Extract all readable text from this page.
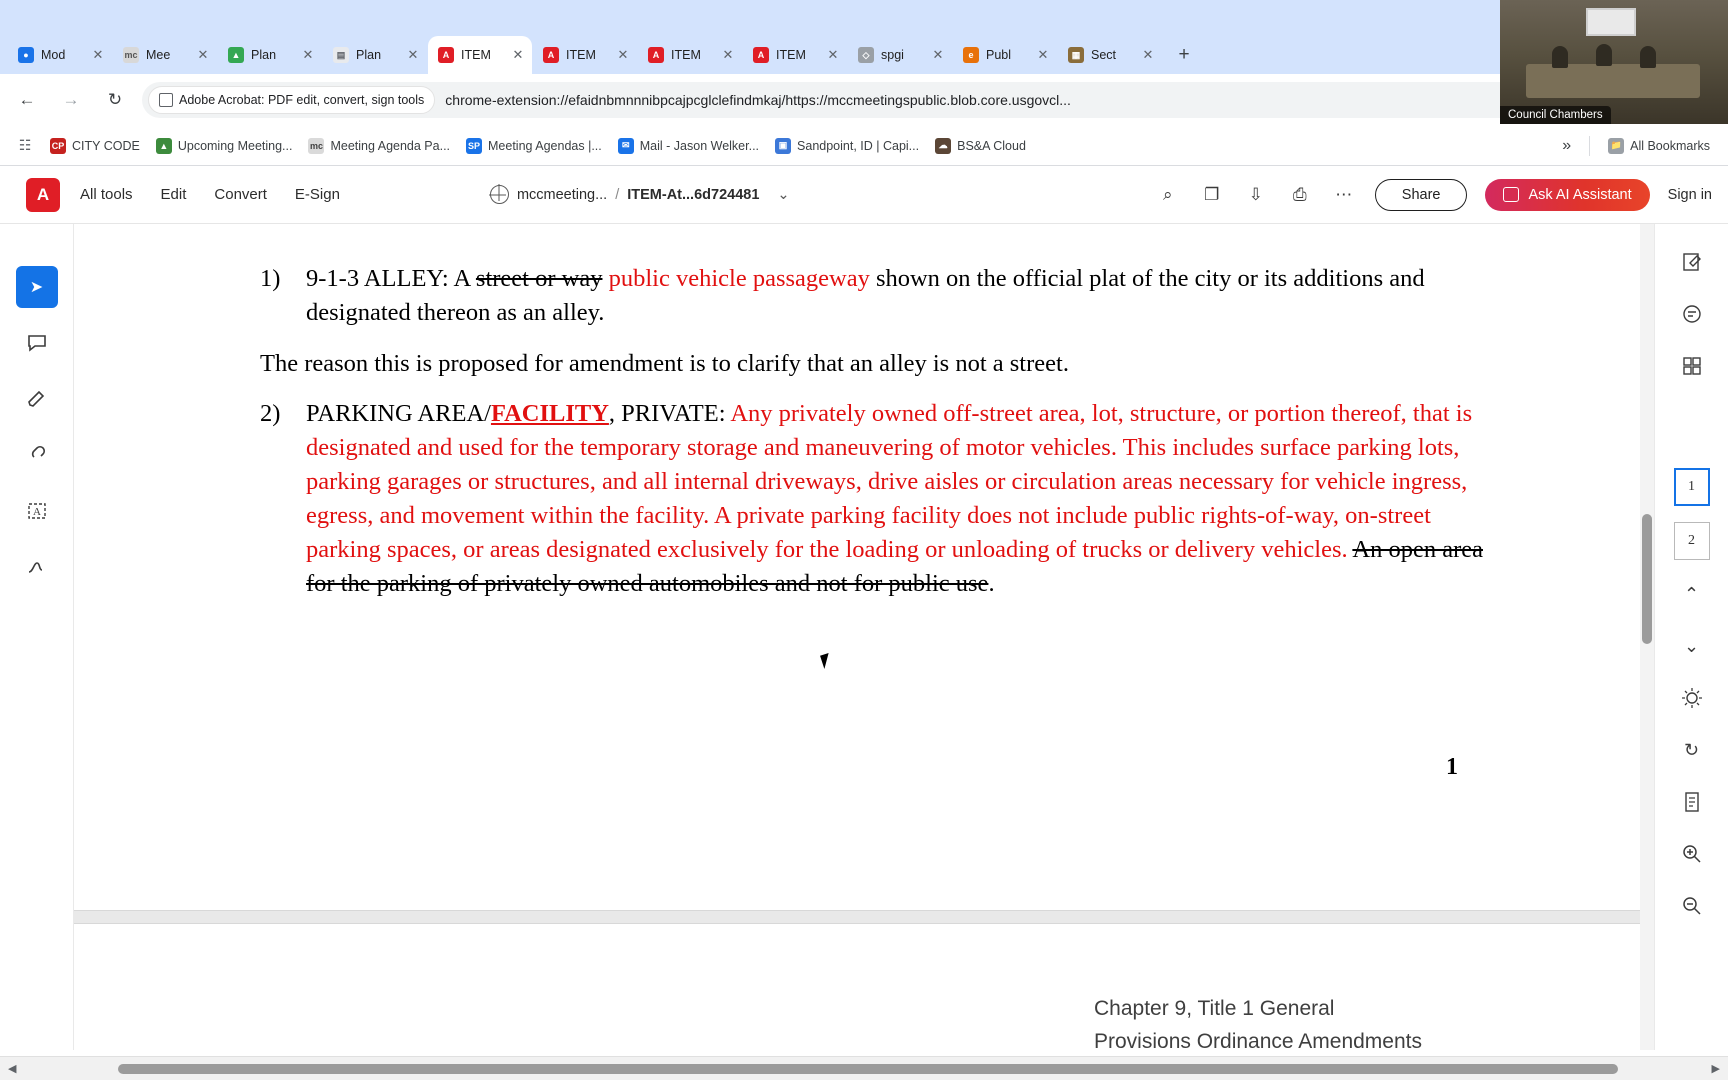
● Mod	✕ mc Mee	✕	▲ Plan	✕	▤ Plan	✕	A ITEM	✕	A ITEM	✕	A ITEM	✕	A ITEM	✕	◇ spgi	✕	e	Publ	✕	▦ Sect	✕	+
←	→	↻	Adobe Acrobat: PDF edit, convert, sign tools chrome-extension://efaidnbmnnnibpcajpcglclefindmkaj/https://mccmeetingspublic.blob.core.usgovcl...
☷	CP CITY CODE	▲ Upcoming Meeting... mc Meeting Agenda Pa... SP Meeting Agendas |...	✉ Mail - Jason Welker...	▣ Sandpoint, ID | Capi...	☁ BS&A Cloud	»	📁 All Bookmarks
A	All tools Edit Convert E-Sign	mccmeeting... / ITEM-At...6d724481 ⌄	⌕	❐	⇩	⎙	⋯	Share	Ask AI Assistant Sign in
➤
A
1)	9-1-3 ALLEY: A street or way public vehicle passageway shown on the official plat of the city or its additions and designated thereon as an alley.
The reason this is proposed for amendment is to clarify that an alley is not a street.
2)	PARKING AREA/FACILITY, PRIVATE: Any privately owned off-street area, lot, structure, or portion thereof, that is designated and used for the temporary storage and maneuvering of motor vehicles. This includes surface parking lots, parking garages or structures, and all internal driveways, drive aisles or circulation areas necessary for vehicle ingress, egress, and movement within the facility. A private parking facility does not include public rights-of-way, on-street parking spaces, or areas designated exclusively for the loading or unloading of trucks or delivery vehicles. An open area for the parking of privately owned automobiles and not for public use.
1
Chapter 9, Title 1 General
Provisions Ordinance Amendments
1
2
⌃
⌄
↻
◀	▶
Council Chambers
